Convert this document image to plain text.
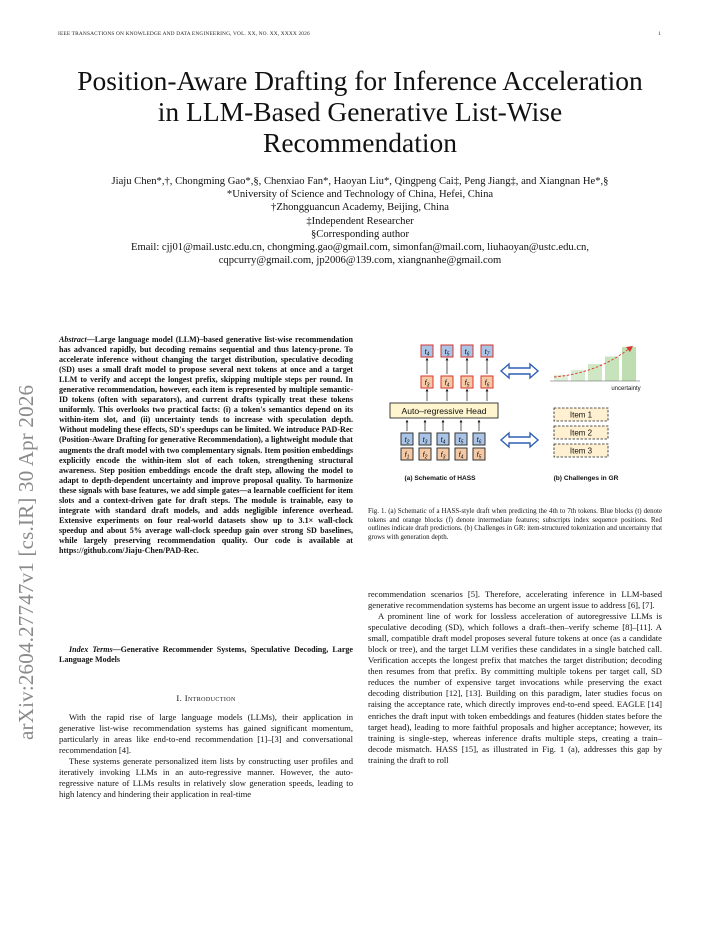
IEEE TRANSACTIONS ON KNOWLEDGE AND DATA ENGINEERING, VOL. XX, NO. XX, XXXX 2026	1
Position-Aware Drafting for Inference Acceleration
in LLM-Based Generative List-Wise
Recommendation
Jiaju Chen*,†, Chongming Gao*,§, Chenxiao Fan*, Haoyan Liu*, Qingpeng Cai‡, Peng Jiang‡, and Xiangnan He*,§
*University of Science and Technology of China, Hefei, China
†Zhongguancun Academy, Beijing, China
‡Independent Researcher
§Corresponding author
Email: cjj01@mail.ustc.edu.cn, chongming.gao@gmail.com, simonfan@mail.com, liuhaoyan@ustc.edu.cn,
cqpcurry@gmail.com, jp2006@139.com, xiangnanhe@gmail.com
arXiv:2604.27747v1 [cs.IR] 30 Apr 2026
Abstract—Large language model (LLM)–based generative list-wise recommendation has advanced rapidly, but decoding remains sequential and thus latency-prone. To accelerate inference without changing the target distribution, speculative decoding (SD) uses a small draft model to propose several next tokens at once and a target LLM to verify and accept the longest prefix, skipping multiple steps per round. In generative recommendation, however, each item is represented by multiple semantic-ID tokens (often with separators), and current drafts typically treat these tokens uniformly. This overlooks two practical facts: (i) a token's semantics depend on its within-item slot, and (ii) uncertainty tends to increase with speculation depth. Without modeling these effects, SD's speedups can be limited. We introduce PAD-Rec (Position-Aware Drafting for generative Recommendation), a lightweight module that augments the draft model with two complementary signals. Item position embeddings explicitly encode the within-item slot of each token, strengthening structural awareness. Step position embeddings encode the draft step, allowing the model to adapt to depth-dependent uncertainty and improve proposal quality. To harmonize these signals with base features, we add simple gates—a learnable coefficient for item slots and a context-driven gate for draft steps. The module is trainable, easy to integrate with standard draft models, and adds negligible inference overhead. Extensive experiments on four real-world datasets show up to 3.1× wall-clock speedup and about 5% average wall-clock speedup gain over strong SD baselines, while largely preserving recommendation quality. Our code is available at https://github.com/Jiaju-Chen/PAD-Rec.
Index Terms—Generative Recommender Systems, Speculative Decoding, Large Language Models
I. Introduction

With the rapid rise of large language models (LLMs), their application in generative list-wise recommendation systems has gained significant momentum, particularly in areas like end-to-end recommendation [1]–[3] and conversational recommendation [4].

These systems generate personalized item lists by constructing user profiles and iteratively invoking LLMs in an auto-regressive manner. However, the auto-regressive nature of LLMs results in relatively slow generation speeds, leading to high latency and hindering their application in real-time

$t_4$ $t_5$ $t_6$ $t_7$
$f_3$ $f_4$ $f_5$ $f_6$
Auto–regressive Head
$t_2$ $t_3$ $t_4$ $t_5$ $t_6$
$f_1$ $f_2$ $f_3$ $f_4$ $f_5$
uncertainty
Item 1
Item 2
Item 3
(a) Schematic of HASS	(b) Challenges in GR
Fig. 1. (a) Schematic of a HASS-style draft when predicting the 4th to 7th tokens. Blue blocks (t) denote tokens and orange blocks (f) denote intermediate features; subscripts index sequence positions. Red outlines indicate draft predictions. (b) Challenges in GR: item-structured tokenization and uncertainty that grows with generation depth.

recommendation scenarios [5]. Therefore, accelerating inference in LLM-based generative recommendation systems has become an urgent issue to address [6], [7].

A prominent line of work for lossless acceleration of autoregressive LLMs is speculative decoding (SD), which follows a draft–then–verify scheme [8]–[11]. A small, compatible draft model proposes several future tokens at once (as a candidate block or tree), and the target LLM verifies these candidates in a single batched call. Verification accepts the longest prefix that matches the target distribution; decoding then resumes from that prefix. By committing multiple tokens per target call, SD reduces the number of expensive target invocations while preserving the exact decoding distribution [12], [13]. Building on this paradigm, later studies focus on raising the acceptance rate, which directly improves end-to-end speed. EAGLE [14] enriches the draft input with token embeddings and features (hidden states before the target head), leading to more faithful proposals and higher acceptance; however, its training is single-step, whereas inference drafts multiple steps, creating a train–decode mismatch. HASS [15], as illustrated in Fig. 1 (a), addresses this gap by training the draft to roll
